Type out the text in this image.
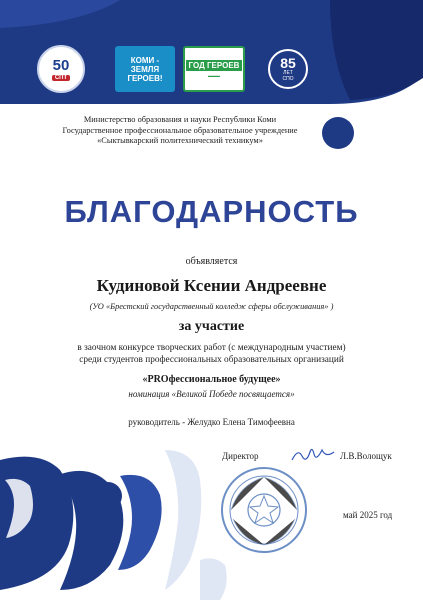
50
СПТ
КОМИ -
ЗЕМЛЯ
ГЕРОЕВ!
ГОД ГЕРОЕВ
▬▬▬
85
ЛЕТ
СПО
Министерство образования и науки Республики Коми
Государственное профессиональное образовательное учреждение
«Сыктывкарский политехнический техникум»
БЛАГОДАРНОСТЬ
объявляется
Кудиновой Ксении Андреевне
(УО «Брестский государственный колледж сферы обслуживания» )
за участие
в заочном конкурсе творческих работ (с международным участием)
среди студентов профессиональных образовательных организаций
«PROфессиональное будущее»
номинация «Великой Победе посвящается»
руководитель - Желудко Елена Тимофеевна
Директор	Л.В.Волощук
май 2025 год
